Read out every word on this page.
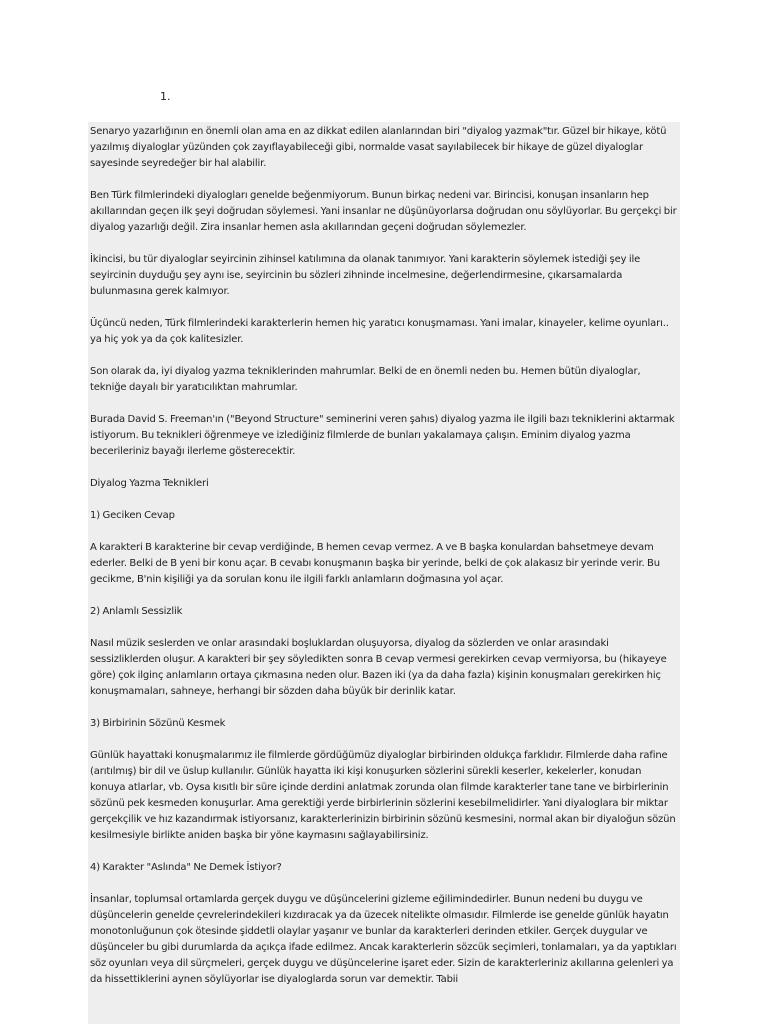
1.

Senaryo yazarlığının en önemli olan ama en az dikkat edilen alanlarından biri "diyalog yazmak"tır. Güzel bir hikaye, kötü yazılmış diyaloglar yüzünden çok zayıflayabileceği gibi, normalde vasat sayılabilecek bir hikaye de güzel diyaloglar sayesinde seyredeğer bir hal alabilir.

Ben Türk filmlerindeki diyalogları genelde beğenmiyorum. Bunun birkaç nedeni var. Birincisi, konuşan insanların hep akıllarından geçen ilk şeyi doğrudan söylemesi. Yani insanlar ne düşünüyorlarsa doğrudan onu söylüyorlar. Bu gerçekçi bir diyalog yazarlığı değil. Zira insanlar hemen asla akıllarından geçeni doğrudan söylemezler.

İkincisi, bu tür diyaloglar seyircinin zihinsel katılımına da olanak tanımıyor. Yani karakterin söylemek istediği şey ile seyircinin duyduğu şey aynı ise, seyircinin bu sözleri zihninde incelmesine, değerlendirmesine, çıkarsamalarda bulunmasına gerek kalmıyor.

Üçüncü neden, Türk filmlerindeki karakterlerin hemen hiç yaratıcı konuşmaması. Yani imalar, kinayeler, kelime oyunları.. ya hiç yok ya da çok kalitesizler.

Son olarak da, iyi diyalog yazma tekniklerinden mahrumlar. Belki de en önemli neden bu. Hemen bütün diyaloglar, tekniğe dayalı bir yaratıcılıktan mahrumlar.

Burada David S. Freeman'ın ("Beyond Structure" seminerini veren şahıs) diyalog yazma ile ilgili bazı tekniklerini aktarmak istiyorum. Bu teknikleri öğrenmeye ve izlediğiniz filmlerde de bunları yakalamaya çalışın. Eminim diyalog yazma becerileriniz bayağı ilerleme gösterecektir.

Diyalog Yazma Teknikleri

1) Geciken Cevap

A karakteri B karakterine bir cevap verdiğinde, B hemen cevap vermez. A ve B başka konulardan bahsetmeye devam ederler. Belki de B yeni bir konu açar. B cevabı konuşmanın başka bir yerinde, belki de çok alakasız bir yerinde verir. Bu gecikme, B'nin kişiliği ya da sorulan konu ile ilgili farklı anlamların doğmasına yol açar.

2) Anlamlı Sessizlik

Nasıl müzik seslerden ve onlar arasındaki boşluklardan oluşuyorsa, diyalog da sözlerden ve onlar arasındaki sessizliklerden oluşur. A karakteri bir şey söyledikten sonra B cevap vermesi gerekirken cevap vermiyorsa, bu (hikayeye göre) çok ilginç anlamların ortaya çıkmasına neden olur. Bazen iki (ya da daha fazla) kişinin konuşmaları gerekirken hiç konuşmamaları, sahneye, herhangi bir sözden daha büyük bir derinlik katar.

3) Birbirinin Sözünü Kesmek

Günlük hayattaki konuşmalarımız ile filmlerde gördüğümüz diyaloglar birbirinden oldukça farklıdır. Filmlerde daha rafine (arıtılmış) bir dil ve üslup kullanılır. Günlük hayatta iki kişi konuşurken sözlerini sürekli keserler, kekelerler, konudan konuya atlarlar, vb. Oysa kısıtlı bir süre içinde derdini anlatmak zorunda olan filmde karakterler tane tane ve birbirlerinin sözünü pek kesmeden konuşurlar. Ama gerektiği yerde birbirlerinin sözlerini kesebilmelidirler. Yani diyaloglara bir miktar gerçekçilik ve hız kazandırmak istiyorsanız, karakterlerinizin birbirinin sözünü kesmesini, normal akan bir diyaloğun sözün kesilmesiyle birlikte aniden başka bir yöne kaymasını sağlayabilirsiniz.

4) Karakter "Aslında" Ne Demek İstiyor?

İnsanlar, toplumsal ortamlarda gerçek duygu ve düşüncelerini gizleme eğilimindedirler. Bunun nedeni bu duygu ve düşüncelerin genelde çevrelerindekileri kızdıracak ya da üzecek nitelikte olmasıdır. Filmlerde ise genelde günlük hayatın monotonluğunun çok ötesinde şiddetli olaylar yaşanır ve bunlar da karakterleri derinden etkiler. Gerçek duygular ve düşünceler bu gibi durumlarda da açıkça ifade edilmez. Ancak karakterlerin sözcük seçimleri, tonlamaları, ya da yaptıkları söz oyunları veya dil sürçmeleri, gerçek duygu ve düşüncelerine işaret eder. Sizin de karakterleriniz akıllarına gelenleri ya da hissettiklerini aynen söylüyorlar ise diyaloglarda sorun var demektir. Tabii
